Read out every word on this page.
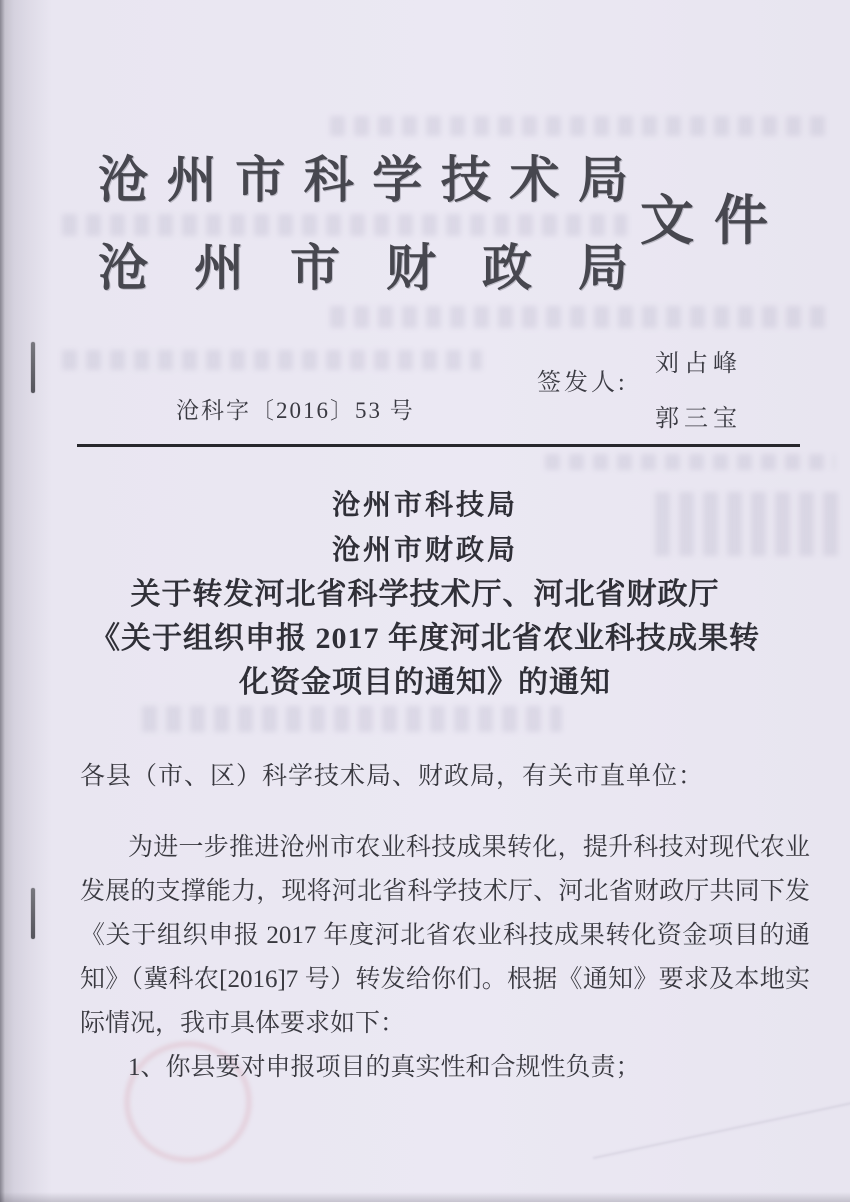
沧 州 市 科 学 技 术 局
沧 州 市 财 政 局
文 件
沧科字〔2016〕53 号
签发人:
刘占峰
郭三宝
沧州市科技局
沧州市财政局
关于转发河北省科学技术厅、河北省财政厅
《关于组织申报 2017 年度河北省农业科技成果转
化资金项目的通知》的通知
各县（市、区）科学技术局、财政局，有关市直单位：
为进一步推进沧州市农业科技成果转化，提升科技对现代农业
发展的支撑能力，现将河北省科学技术厅、河北省财政厅共同下发
《关于组织申报 2017 年度河北省农业科技成果转化资金项目的通
知》（冀科农[2016]7 号）转发给你们。根据《通知》要求及本地实
际情况，我市具体要求如下：
1、你县要对申报项目的真实性和合规性负责；
